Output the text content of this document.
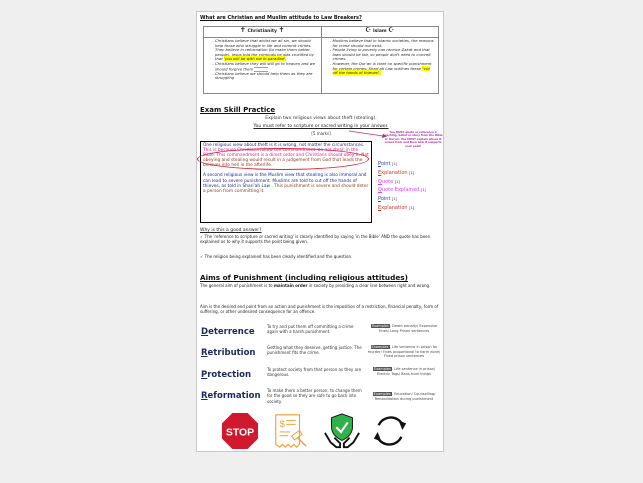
What are Christian and Muslim attitude to Law Breakers?
✝ Christianity ✝	☪ Islam ☪

- Christians believe that whilst we all sin, we should help those who struggle in life and commit crimes. They believe in reformation (to make them better people). Jesus told the criminals he was crucified by that 'you will be with me in paradise'.
- Christians believe they will still go to heaven and we should forgive them
- Christians believe we should help them as they are struggling

- Muslims believe that in Islamic societies, the reasons for crime should not exist.
- People living in poverty can receive Zakat and that laws should be fair, so people don't need to commit crimes.
- However, the Qur'an is clear on specific punishment for certain crimes; Shari'ah Law outlines these "cut off the hands of thieves".
Exam Skill Practice
Explain two religious views about theft (stealing).
You must refer to scripture or sacred writing in your answer.
[5 marks]	You MUST quote or reference a teaching, belief or story from the Bible or Qur'an. You MUST explain where it comes from and then how it supports your point
One religious view about theft is it is wrong, not matter the circumstances. This is because Christians follow the commandment 'do not steal' in the Bible. This commandment is a direct order and Christians should obey it. Not obeying and stealing would result in a judgement from God that leads the believer into hell in the afterlife.
A second religious view is the Muslim view that stealing is also immoral and can lead to severe punishment. Muslims are told to cut off the hands of thieves, as told in Shari'ah Law . This punishment is severe and should deter a person from committing it.
Point [1]
Explanation [1]
Quote [1]
Quote Explained [1]
Point [1]
Explanation [1]
Why is this a good answer?
✓ The 'reference to scripture or sacred writing' is clearly identified by saying 'in the Bible' AND the quote has been explained as to why it supports the point being given.
✓ The religion being explained has been clearly identified and the question.
Aims of Punishment (including religious attitudes)
The general aim of punishment is to maintain order in society by providing a clear line between right and wrong.
Aim is the desired end point from an action and punishment is the imposition of a restriction, financial penalty, form of suffering, or other undesired consequence for an offence.
Deterrence
To try and put them off committing a crime again with a harsh punishment.
Examples- Death penalty/ Expensive Fines/ Long Prison sentences
Retribution
Getting what they deserve, getting justice. The punishment fits the crime.
Examples- Life sentence in prison for murder/ Fines proportional to harm done/ Fixed prison sentences
Protection
To protect society from that person as they are dangerous.
Examples- Life sentence in prison/ Electric Tags/ Bans from things
Reformation
To make them a better person; to change them for the good so they are safe to go back into society.
Examples- Education/ Counselling/ Rehabilitation during punishment
STOP
$
